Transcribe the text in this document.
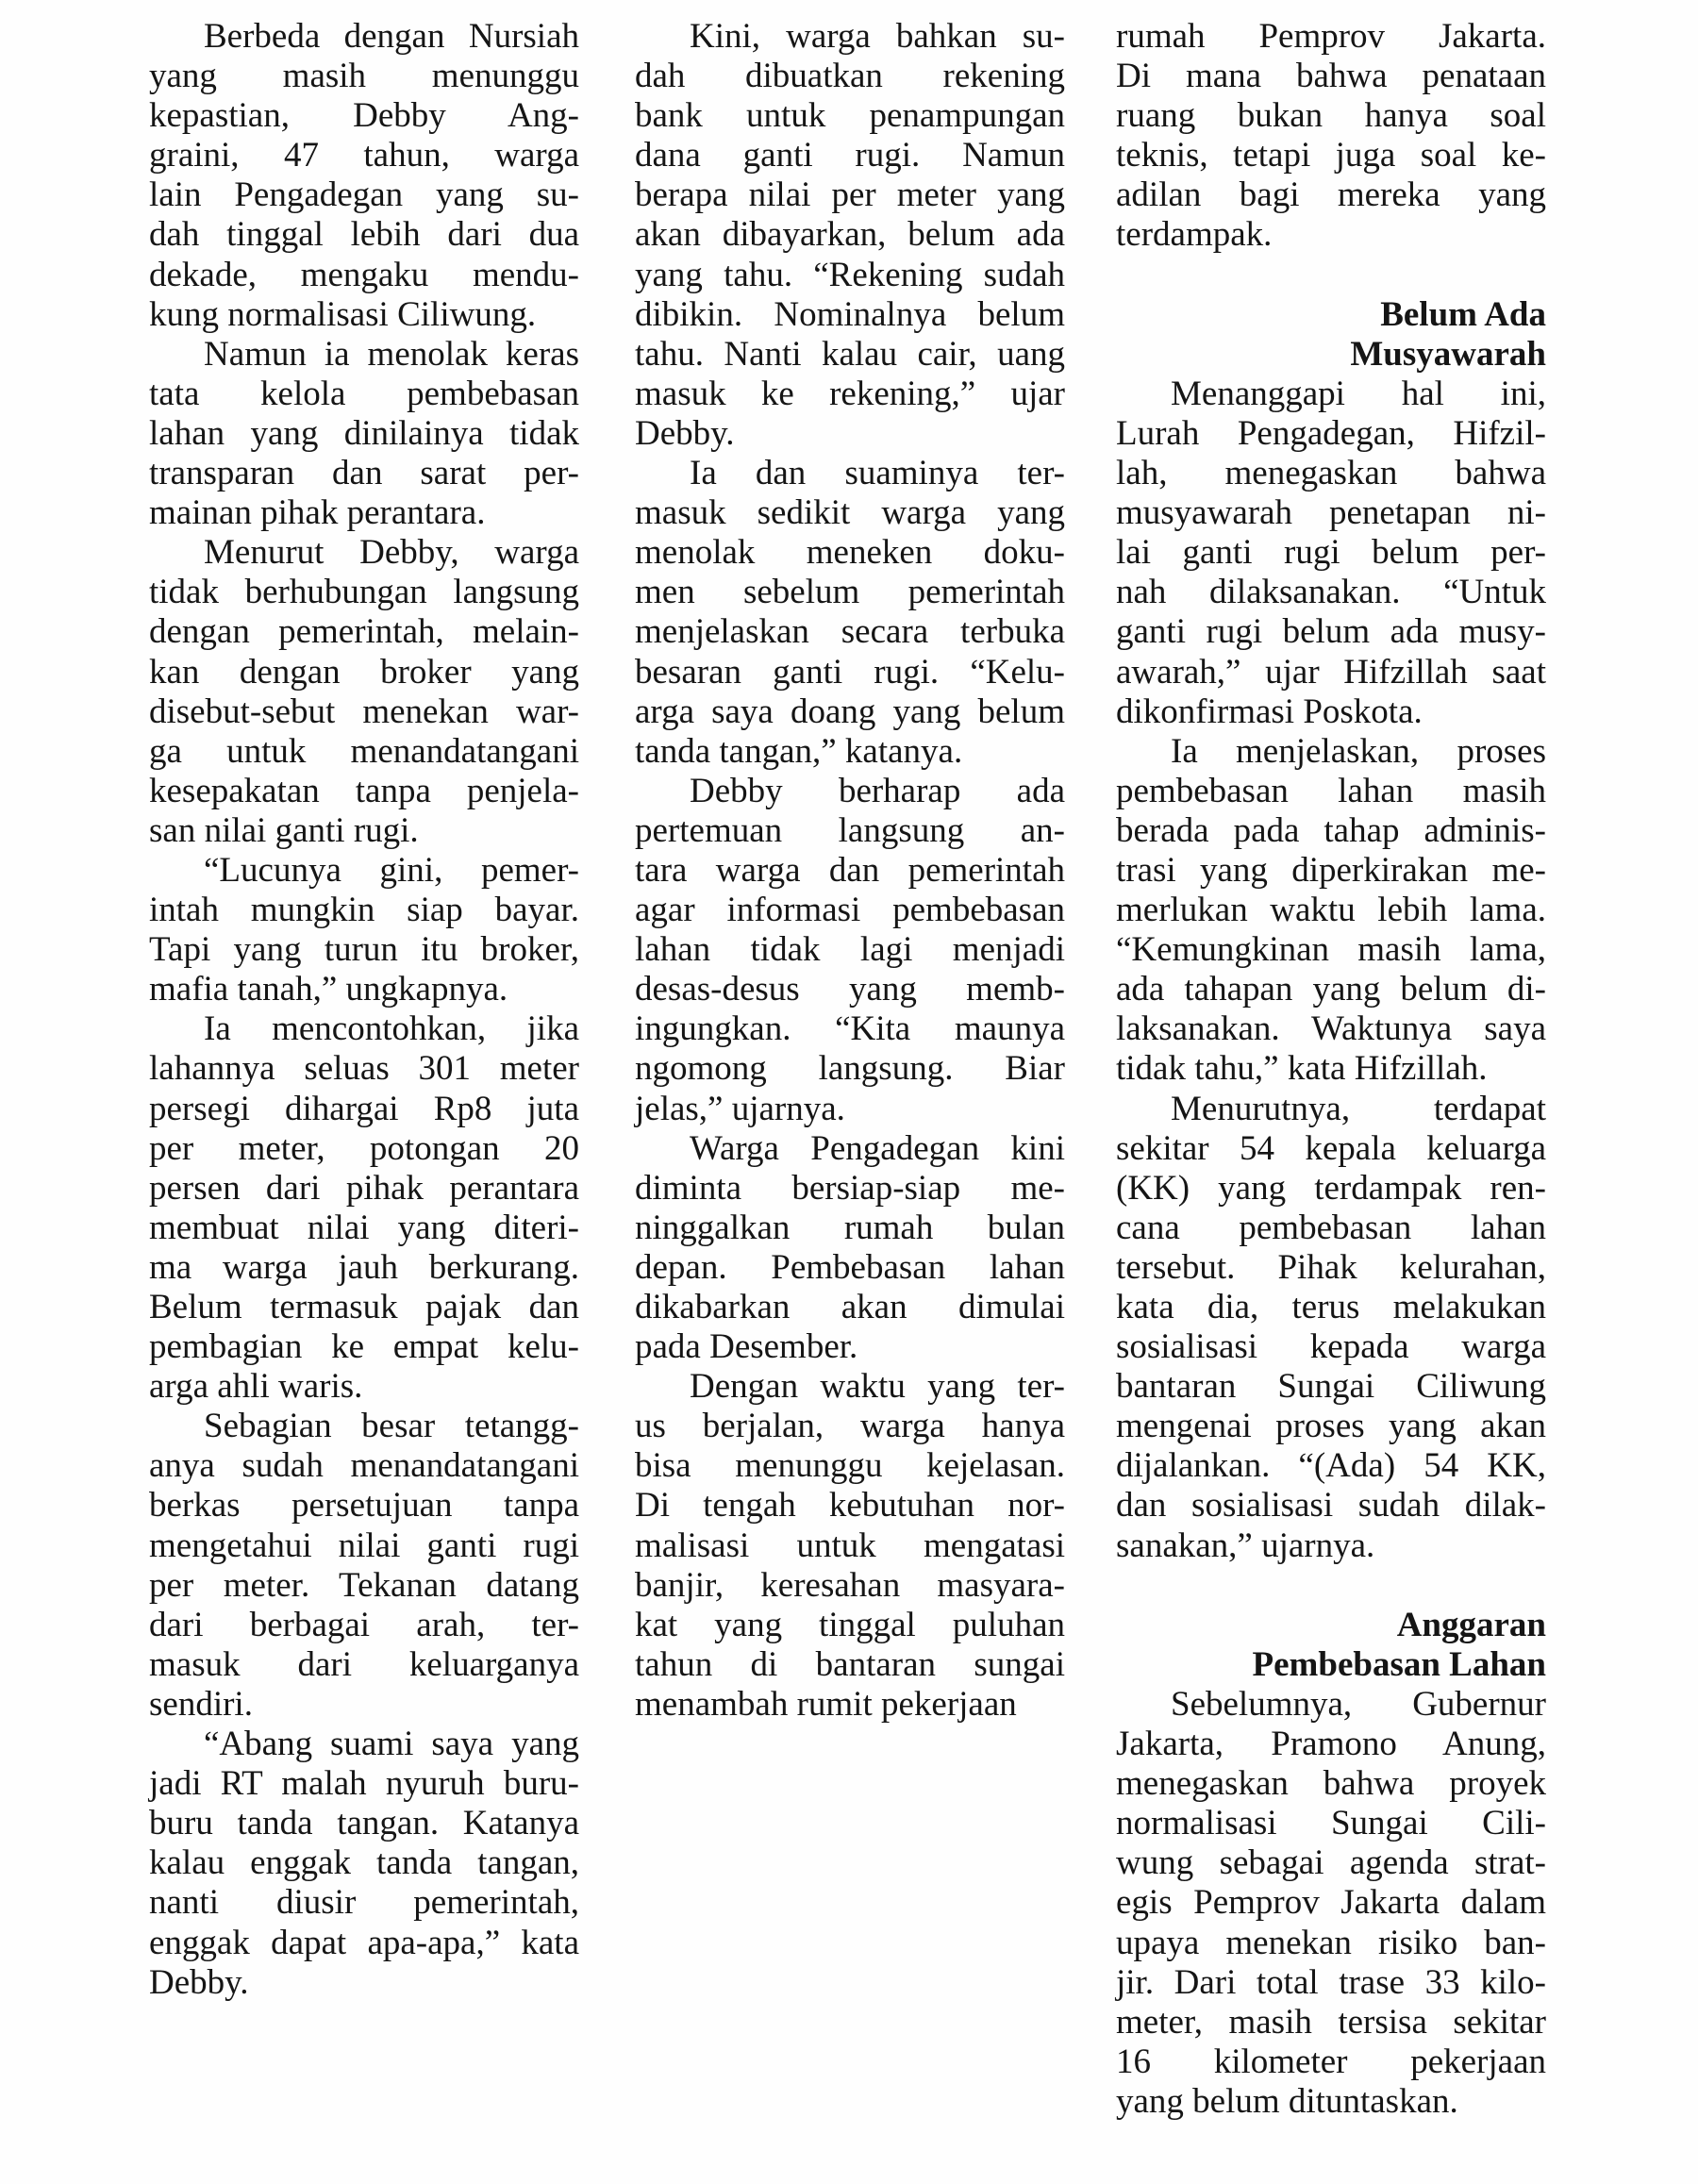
Berbeda dengan Nursiah
yang masih menunggu
kepastian, Debby Ang-
graini, 47 tahun, warga
lain Pengadegan yang su-
dah tinggal lebih dari dua
dekade, mengaku mendu-
kung normalisasi Ciliwung.
Namun ia menolak keras
tata kelola pembebasan
lahan yang dinilainya tidak
transparan dan sarat per-
mainan pihak perantara.
Menurut Debby, warga
tidak berhubungan langsung
dengan pemerintah, melain-
kan dengan broker yang
disebut-sebut menekan war-
ga untuk menandatangani
kesepakatan tanpa penjela-
san nilai ganti rugi.
“Lucunya gini, pemer-
intah mungkin siap bayar.
Tapi yang turun itu broker,
mafia tanah,” ungkapnya.
Ia mencontohkan, jika
lahannya seluas 301 meter
persegi dihargai Rp8 juta
per meter, potongan 20
persen dari pihak perantara
membuat nilai yang diteri-
ma warga jauh berkurang.
Belum termasuk pajak dan
pembagian ke empat kelu-
arga ahli waris.
Sebagian besar tetangg-
anya sudah menandatangani
berkas persetujuan tanpa
mengetahui nilai ganti rugi
per meter. Tekanan datang
dari berbagai arah, ter-
masuk dari keluarganya
sendiri.
“Abang suami saya yang
jadi RT malah nyuruh buru-
buru tanda tangan. Katanya
kalau enggak tanda tangan,
nanti diusir pemerintah,
enggak dapat apa-apa,” kata
Debby.
Kini, warga bahkan su-
dah dibuatkan rekening
bank untuk penampungan
dana ganti rugi. Namun
berapa nilai per meter yang
akan dibayarkan, belum ada
yang tahu. “Rekening sudah
dibikin. Nominalnya belum
tahu. Nanti kalau cair, uang
masuk ke rekening,” ujar
Debby.
Ia dan suaminya ter-
masuk sedikit warga yang
menolak meneken doku-
men sebelum pemerintah
menjelaskan secara terbuka
besaran ganti rugi. “Kelu-
arga saya doang yang belum
tanda tangan,” katanya.
Debby berharap ada
pertemuan langsung an-
tara warga dan pemerintah
agar informasi pembebasan
lahan tidak lagi menjadi
desas-desus yang memb-
ingungkan. “Kita maunya
ngomong langsung. Biar
jelas,” ujarnya.
Warga Pengadegan kini
diminta bersiap-siap me-
ninggalkan rumah bulan
depan. Pembebasan lahan
dikabarkan akan dimulai
pada Desember.
Dengan waktu yang ter-
us berjalan, warga hanya
bisa menunggu kejelasan.
Di tengah kebutuhan nor-
malisasi untuk mengatasi
banjir, keresahan masyara-
kat yang tinggal puluhan
tahun di bantaran sungai
menambah rumit pekerjaan
rumah Pemprov Jakarta.
Di mana bahwa penataan
ruang bukan hanya soal
teknis, tetapi juga soal ke-
adilan bagi mereka yang
terdampak.
Belum Ada
Musyawarah
Menanggapi hal ini,
Lurah Pengadegan, Hifzil-
lah, menegaskan bahwa
musyawarah penetapan ni-
lai ganti rugi belum per-
nah dilaksanakan. “Untuk
ganti rugi belum ada musy-
awarah,” ujar Hifzillah saat
dikonfirmasi Poskota.
Ia menjelaskan, proses
pembebasan lahan masih
berada pada tahap adminis-
trasi yang diperkirakan me-
merlukan waktu lebih lama.
“Kemungkinan masih lama,
ada tahapan yang belum di-
laksanakan. Waktunya saya
tidak tahu,” kata Hifzillah.
Menurutnya, terdapat
sekitar 54 kepala keluarga
(KK) yang terdampak ren-
cana pembebasan lahan
tersebut. Pihak kelurahan,
kata dia, terus melakukan
sosialisasi kepada warga
bantaran Sungai Ciliwung
mengenai proses yang akan
dijalankan. “(Ada) 54 KK,
dan sosialisasi sudah dilak-
sanakan,” ujarnya.
Anggaran
Pembebasan Lahan
Sebelumnya, Gubernur
Jakarta, Pramono Anung,
menegaskan bahwa proyek
normalisasi Sungai Cili-
wung sebagai agenda strat-
egis Pemprov Jakarta dalam
upaya menekan risiko ban-
jir. Dari total trase 33 kilo-
meter, masih tersisa sekitar
16 kilometer pekerjaan
yang belum dituntaskan.
